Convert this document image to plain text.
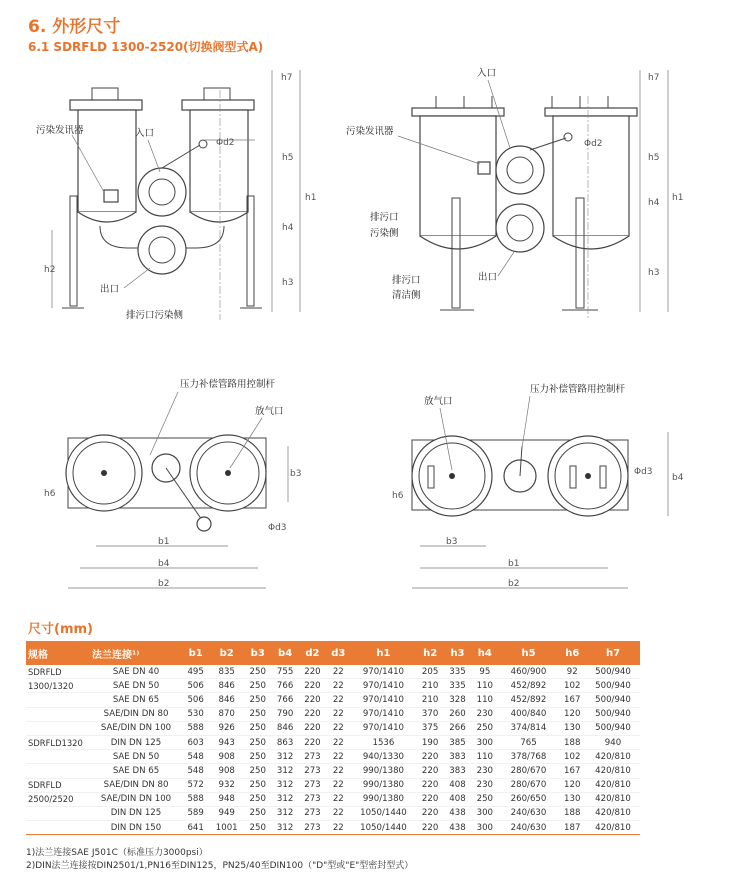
6. 外形尺寸
6.1 SDRFLD 1300-2520(切换阀型式A)
污染发讯器	入口
出口
排污口污染侧
h7
h5
h4
h3
h1
h2
Φd2
入口
污染发讯器
排污口
污染侧
排污口
清洁侧
出口
h7
h5
h4
h3
h1
Φd2
压力补偿管路用控制杆
放气口
b1
b4
b2
b3
h6
Φd3
放气口
压力补偿管路用控制杆
b3
b1
b2
b4
h6
Φd3
尺寸(mm)
规格	法兰连接¹⁾	b1	b2	b3	b4	d2	d3	h1	h2	h3	h4	h5	h6	h7
SDRFLD	SAE DN 40	495	835	250	755	220	22	970/1410	205	335	95	460/900	92	500/940
1300/1320	SAE DN 50	506	846	250	766	220	22	970/1410	210	335	110	452/892	102	500/940
	SAE DN 65	506	846	250	766	220	22	970/1410	210	328	110	452/892	167	500/940
	SAE/DIN DN 80	530	870	250	790	220	22	970/1410	370	260	230	400/840	120	500/940
	SAE/DIN DN 100	588	926	250	846	220	22	970/1410	375	266	250	374/814	130	500/940
SDRFLD1320	DIN DN 125	603	943	250	863	220	22	1536	190	385	300	765	188	940
	SAE DN 50	548	908	250	312	273	22	940/1330	220	383	110	378/768	102	420/810
	SAE DN 65	548	908	250	312	273	22	990/1380	220	383	230	280/670	167	420/810
SDRFLD	SAE/DIN DN 80	572	932	250	312	273	22	990/1380	220	408	230	280/670	120	420/810
2500/2520	SAE/DIN DN 100	588	948	250	312	273	22	990/1380	220	408	250	260/650	130	420/810
	DIN DN 125	589	949	250	312	273	22	1050/1440	220	438	300	240/630	188	420/810
	DIN DN 150	641	1001	250	312	273	22	1050/1440	220	438	300	240/630	187	420/810
1)法兰连接SAE J501C（标准压力3000psi）
2)DIN法兰连接按DIN2501/1,PN16至DIN125，PN25/40至DIN100（"D"型或"E"型密封型式）
